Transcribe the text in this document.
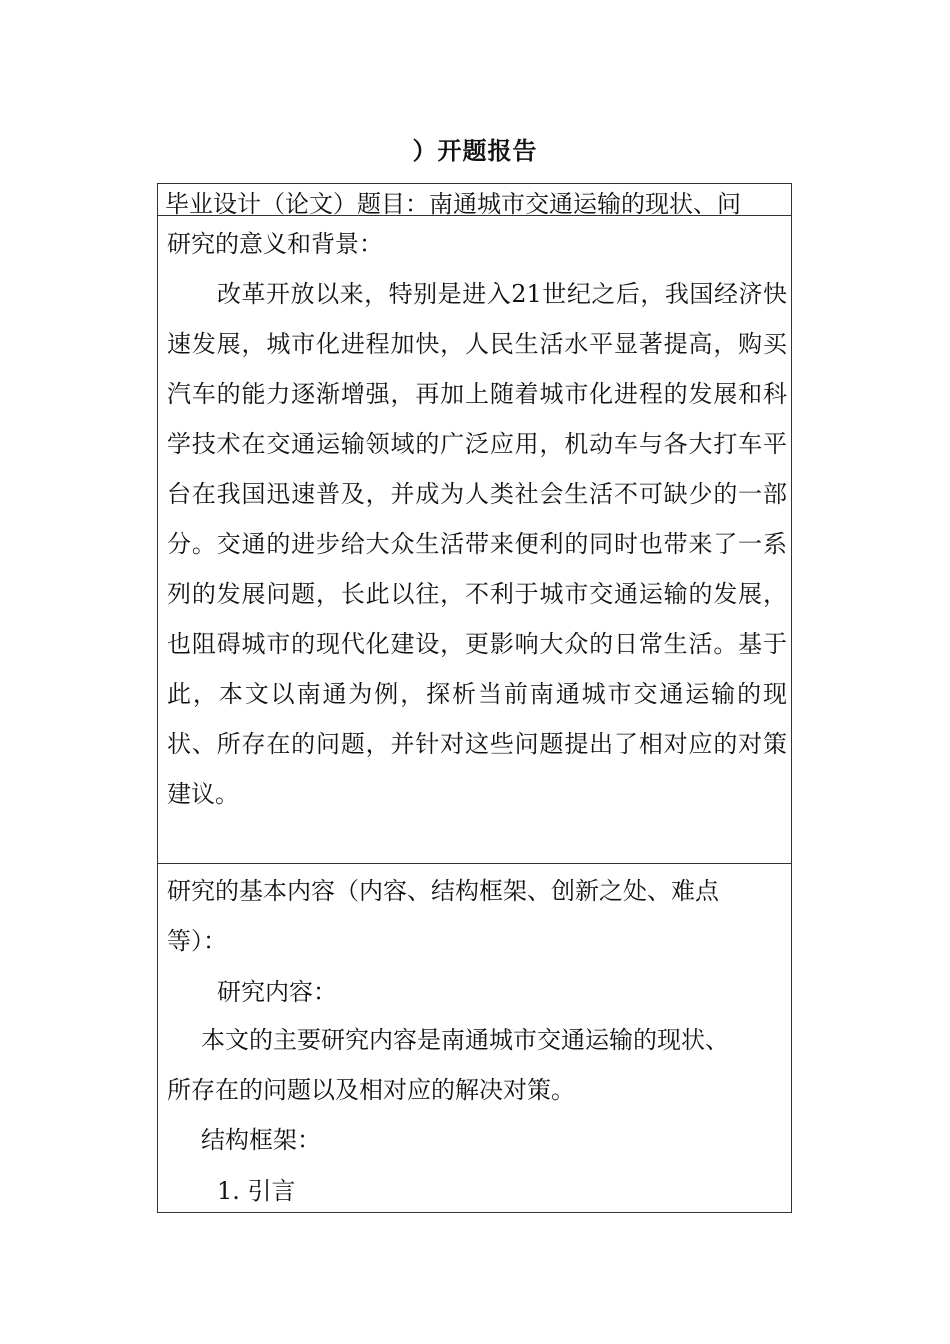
）开题报告
毕业设计（论文）题目：南通城市交通运输的现状、问
研究的意义和背景：
改革开放以来，特别是进入21世纪之后，我国经济快速发展，城市化进程加快，人民生活水平显著提高，购买汽车的能力逐渐增强，再加上随着城市化进程的发展和科学技术在交通运输领域的广泛应用，机动车与各大打车平台在我国迅速普及，并成为人类社会生活不可缺少的一部分。交通的进步给大众生活带来便利的同时也带来了一系列的发展问题，长此以往，不利于城市交通运输的发展，也阻碍城市的现代化建设，更影响大众的日常生活。基于此，本文以南通为例，探析当前南通城市交通运输的现状、所存在的问题，并针对这些问题提出了相对应的对策建议。
研究的基本内容（内容、结构框架、创新之处、难点
等）：
研究内容：
本文的主要研究内容是南通城市交通运输的现状、
所存在的问题以及相对应的解决对策。
结构框架：
1. 引言
